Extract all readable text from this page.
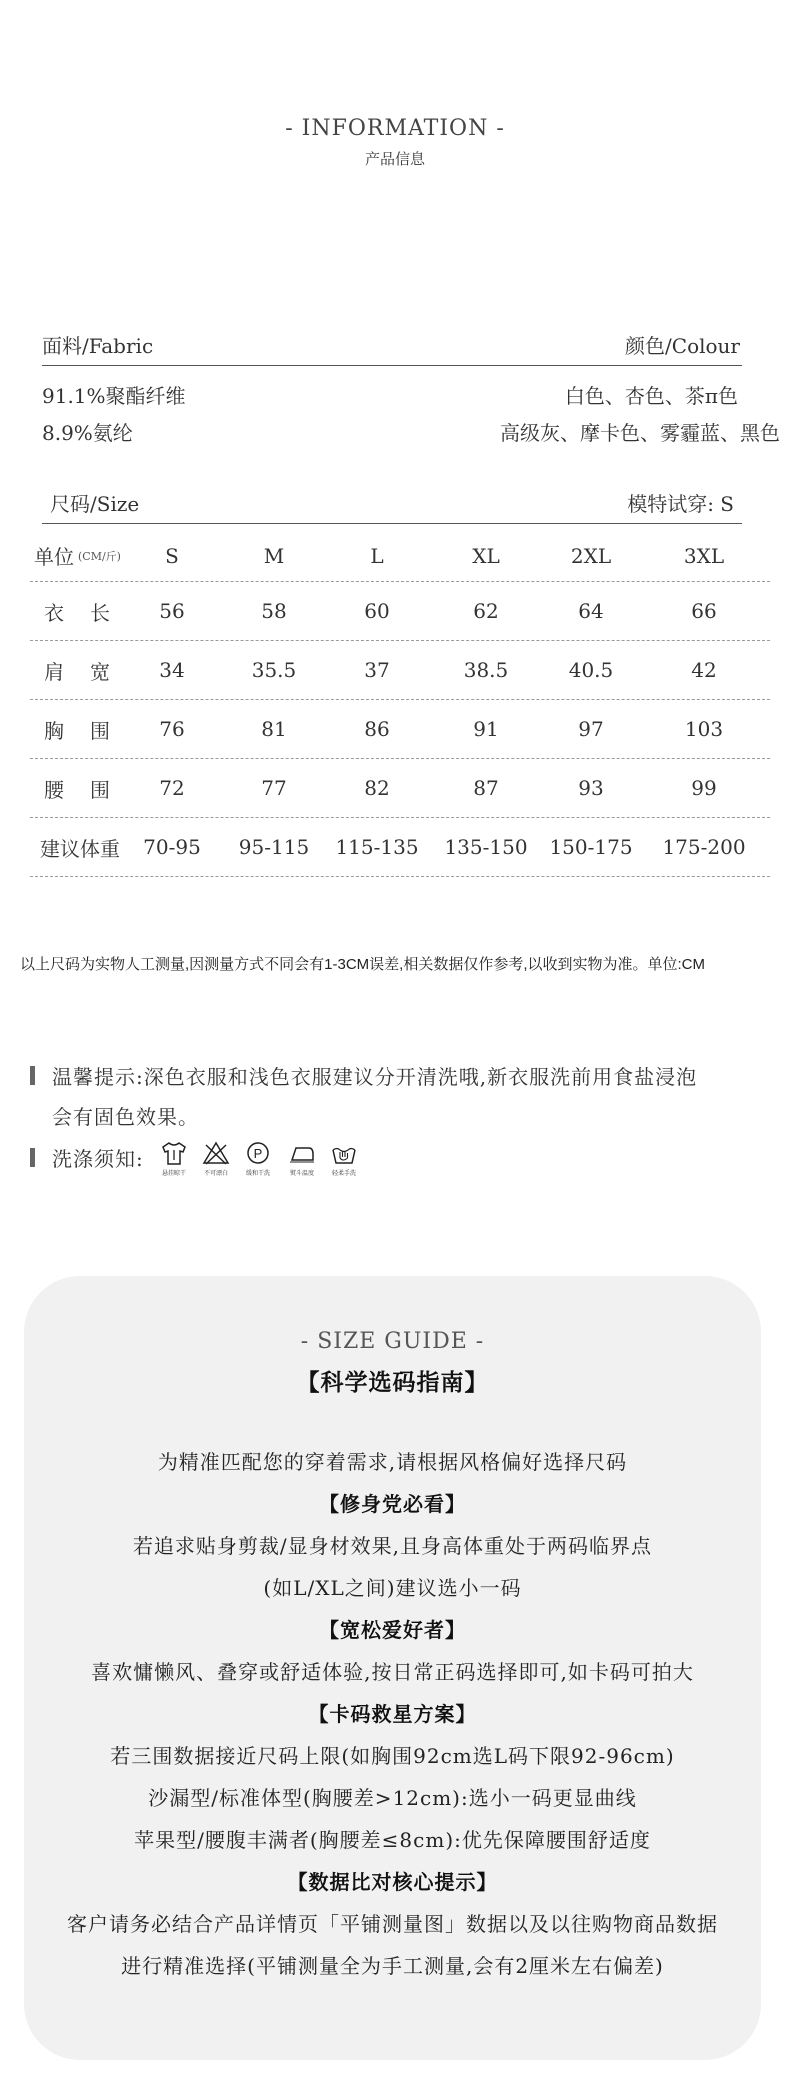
- INFORMATION -
产品信息
面料/Fabric	颜色/Colour
91.1%聚酯纤维	白色、杏色、茶π色
8.9%氨纶	高级灰、摩卡色、雾霾蓝、黑色
尺码/Size	模特试穿: S
单位 (CM/斤)	S	M	L	XL	2XL	3XL
衣长	56	58	60	62	64	66
肩宽	34	35.5	37	38.5	40.5	42
胸围	76	81	86	91	97	103
腰围	72	77	82	87	93	99
建议体重	70-95	95-115	115-135	135-150	150-175	175-200
以上尺码为实物人工测量,因测量方式不同会有1-3CM误差,相关数据仅作参考,以收到实物为准。单位:CM
温馨提示:深色衣服和浅色衣服建议分开清洗哦,新衣服洗前用食盐浸泡
会有固色效果。
洗涤须知:
悬挂晾干	不可漂白
P
缓和干洗	熨斗温度	轻柔手洗
- SIZE GUIDE -
【科学选码指南】
为精准匹配您的穿着需求,请根据风格偏好选择尺码
【修身党必看】
若追求贴身剪裁/显身材效果,且身高体重处于两码临界点
(如L/XL之间)建议选小一码
【宽松爱好者】
喜欢慵懒风、叠穿或舒适体验,按日常正码选择即可,如卡码可拍大
【卡码救星方案】
若三围数据接近尺码上限(如胸围92cm选L码下限92-96cm)
沙漏型/标准体型(胸腰差>12cm):选小一码更显曲线
苹果型/腰腹丰满者(胸腰差≤8cm):优先保障腰围舒适度
【数据比对核心提示】
客户请务必结合产品详情页「平铺测量图」数据以及以往购物商品数据
进行精准选择(平铺测量全为手工测量,会有2厘米左右偏差)
